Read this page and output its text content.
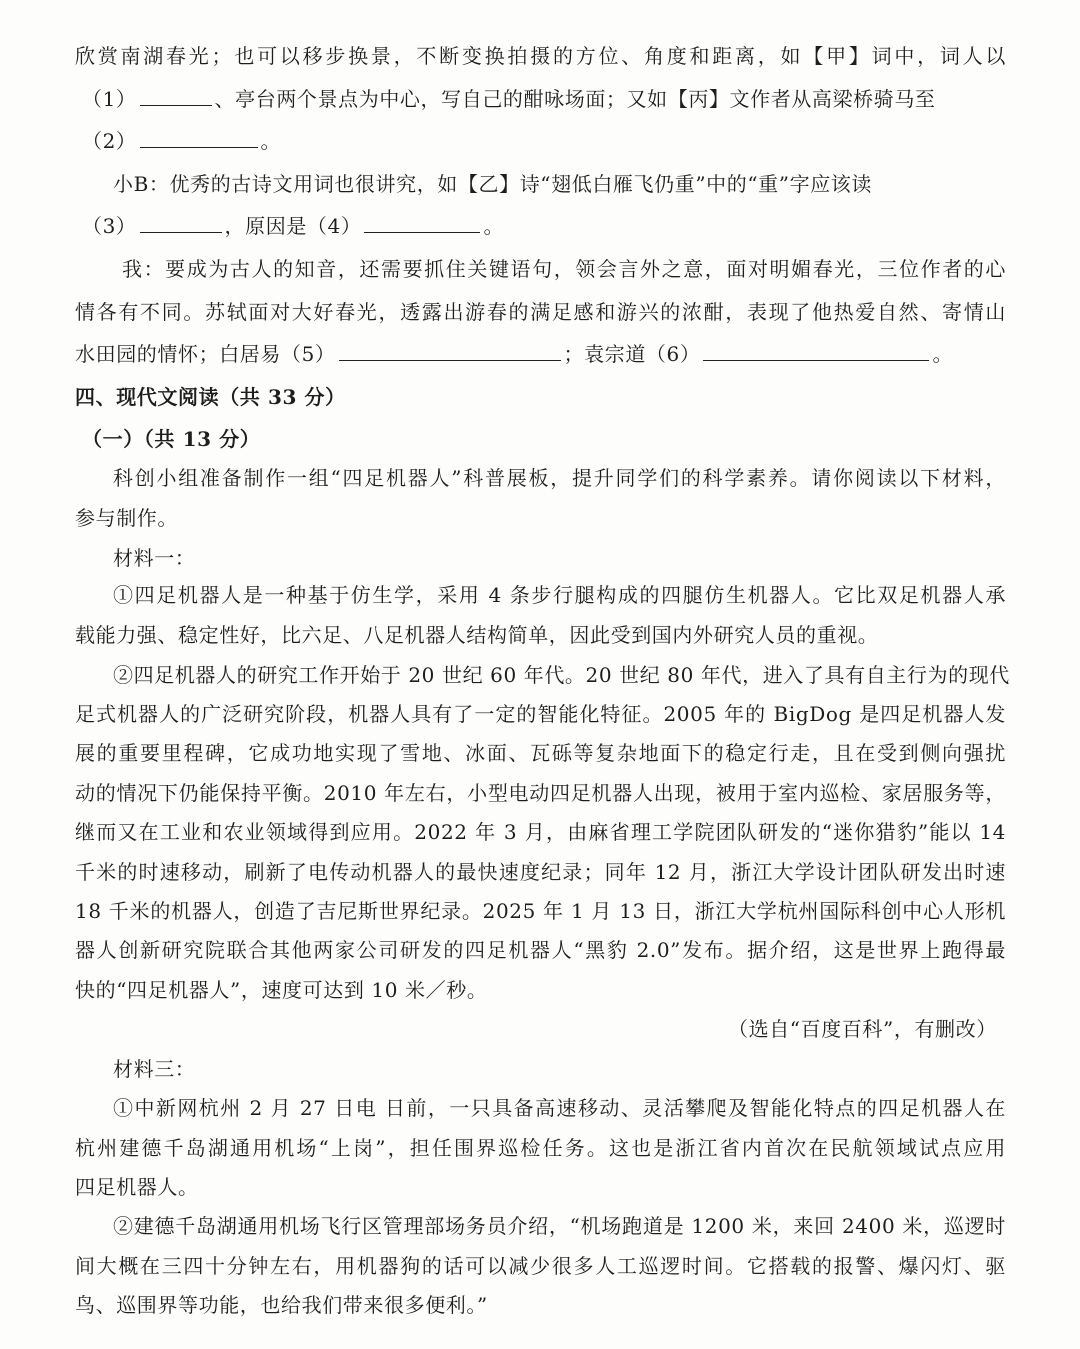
欣赏南湖春光；也可以移步换景，不断变换拍摄的方位、角度和距离，如【甲】词中，词人以
（1）	、亭台两个景点为中心，写自己的酣咏场面；又如【丙】文作者从高梁桥骑马至
（2）	。
小B：优秀的古诗文用词也很讲究，如【乙】诗“翅低白雁飞仍重”中的“重”字应该读
（3）	，原因是（4）	。
我：要成为古人的知音，还需要抓住关键语句，领会言外之意，面对明媚春光，三位作者的心
情各有不同。苏轼面对大好春光，透露出游春的满足感和游兴的浓酣，表现了他热爱自然、寄情山
水田园的情怀；白居易（5）	；袁宗道（6）	。
四、现代文阅读（共 33 分）
（一）（共 13 分）
科创小组准备制作一组“四足机器人”科普展板，提升同学们的科学素养。请你阅读以下材料，
参与制作。
材料一：
①四足机器人是一种基于仿生学，采用 4 条步行腿构成的四腿仿生机器人。它比双足机器人承
载能力强、稳定性好，比六足、八足机器人结构简单，因此受到国内外研究人员的重视。
②四足机器人的研究工作开始于 20 世纪 60 年代。20 世纪 80 年代，进入了具有自主行为的现代
足式机器人的广泛研究阶段，机器人具有了一定的智能化特征。2005 年的 BigDog 是四足机器人发
展的重要里程碑，它成功地实现了雪地、冰面、瓦砾等复杂地面下的稳定行走，且在受到侧向强扰
动的情况下仍能保持平衡。2010 年左右，小型电动四足机器人出现，被用于室内巡检、家居服务等，
继而又在工业和农业领域得到应用。2022 年 3 月，由麻省理工学院团队研发的“迷你猎豹”能以 14
千米的时速移动，刷新了电传动机器人的最快速度纪录；同年 12 月，浙江大学设计团队研发出时速
18 千米的机器人，创造了吉尼斯世界纪录。2025 年 1 月 13 日，浙江大学杭州国际科创中心人形机
器人创新研究院联合其他两家公司研发的四足机器人“黑豹 2.0”发布。据介绍，这是世界上跑得最
快的“四足机器人”，速度可达到 10 米／秒。
（选自“百度百科”，有删改）
材料三：
①中新网杭州 2 月 27 日电 日前，一只具备高速移动、灵活攀爬及智能化特点的四足机器人在
杭州建德千岛湖通用机场“上岗”，担任围界巡检任务。这也是浙江省内首次在民航领域试点应用
四足机器人。
②建德千岛湖通用机场飞行区管理部场务员介绍，“机场跑道是 1200 米，来回 2400 米，巡逻时
间大概在三四十分钟左右，用机器狗的话可以减少很多人工巡逻时间。它搭载的报警、爆闪灯、驱
鸟、巡围界等功能，也给我们带来很多便利。”
